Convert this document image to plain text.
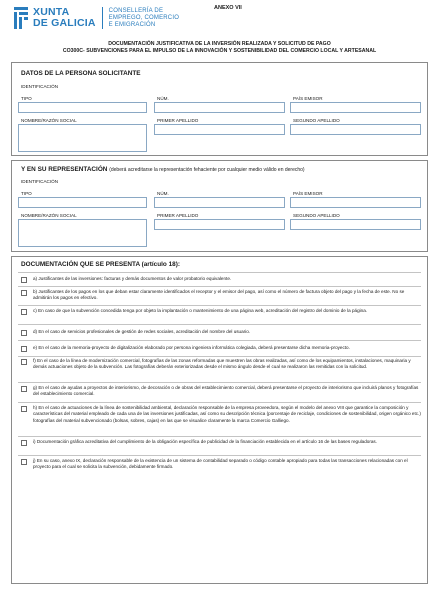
XUNTA
DE GALICIA
CONSELLERÍA DE
EMPREGO, COMERCIO
E EMIGRACIÓN
ANEXO VII
DOCUMENTACIÓN JUSTIFICATIVA DE LA INVERSIÓN REALIZADA Y SOLICITUD DE PAGO
CO300C- SUBVENCIONES PARA EL IMPULSO DE LA INNOVACIÓN Y SOSTENIBILIDAD DEL COMERCIO LOCAL Y ARTESANAL
DATOS DE LA PERSONA SOLICITANTE
IDENTIFICACIÓN
TIPO	NÚM.	PAÍS EMISOR
NOMBRE/RAZÓN SOCIAL	PRIMER APELLIDO	SEGUNDO APELLIDO
Y EN SU REPRESENTACIÓN (deberá acreditarse la representación fehaciente por cualquier medio válido en derecho)
IDENTIFICACIÓN
TIPO	NÚM.	PAÍS EMISOR
NOMBRE/RAZÓN SOCIAL	PRIMER APELLIDO	SEGUNDO APELLIDO
DOCUMENTACIÓN QUE SE PRESENTA (artículo 18):
a) Justificantes de las inversiones: facturas y demás documentos de valor probatorio equivalente.
b) Justificantes de los pagos en los que deban estar claramente identificados el receptor y el emisor del pago, así como el número de factura objeto del pago y la fecha de este. No se admitirán los pagos en efectivo.
c) En caso de que la subvención concedida tenga por objeto la implantación o mantenimiento de una página web, acreditación del registro del dominio de la página.
d) En el caso de servicios profesionales de gestión de redes sociales, acreditación del nombre del usuario.
e) En el caso de la memoria-proyecto de digitalización elaborado por persona ingeniera informática colegiada, deberá presentarse dicha memoria-proyecto.
f) En el caso de la línea de modernización comercial, fotografías de las zonas reformadas que muestren las obras realizadas, así como de los equipamientos, instalaciones, maquinaria y demás actuaciones objeto de la subvención. Las fotografías deberán exteriorizadas desde el mismo ángulo desde el cual se realizaron las remitidas con la solicitud.
g) En el caso de ayudas a proyectos de interiorismo, de decoración o de obras del establecimiento comercial, deberá presentarse el proyecto de interiorismo que incluirá planos y fotografías del establecimiento comercial.
h) En el caso de actuaciones de la línea de sostenibilidad ambiental, declaración responsable de la empresa proveedora, según el modelo del anexo VIII que garantice la composición y características del material empleado de cada una de las inversiones justificadas, así como su descripción técnica (porcentaje de reciclaje, condiciones de sostenibilidad, origen orgánico etc.) fotografías del material subvencionado (bolsas, sobres, cajas) en las que se visualice claramente la marca Comercio Galliego.
i) Documentación gráfica acreditativa del cumplimiento de la obligación específica de publicidad de la financiación establecida en el artículo 16 de las bases reguladoras.
j) En su caso, anexo IX, declaración responsable de la existencia de un sistema de contabilidad separado o código contable apropiado para todas las transacciones relacionadas con el proyecto para el cual se solicita la subvención, debidamente firmado.
